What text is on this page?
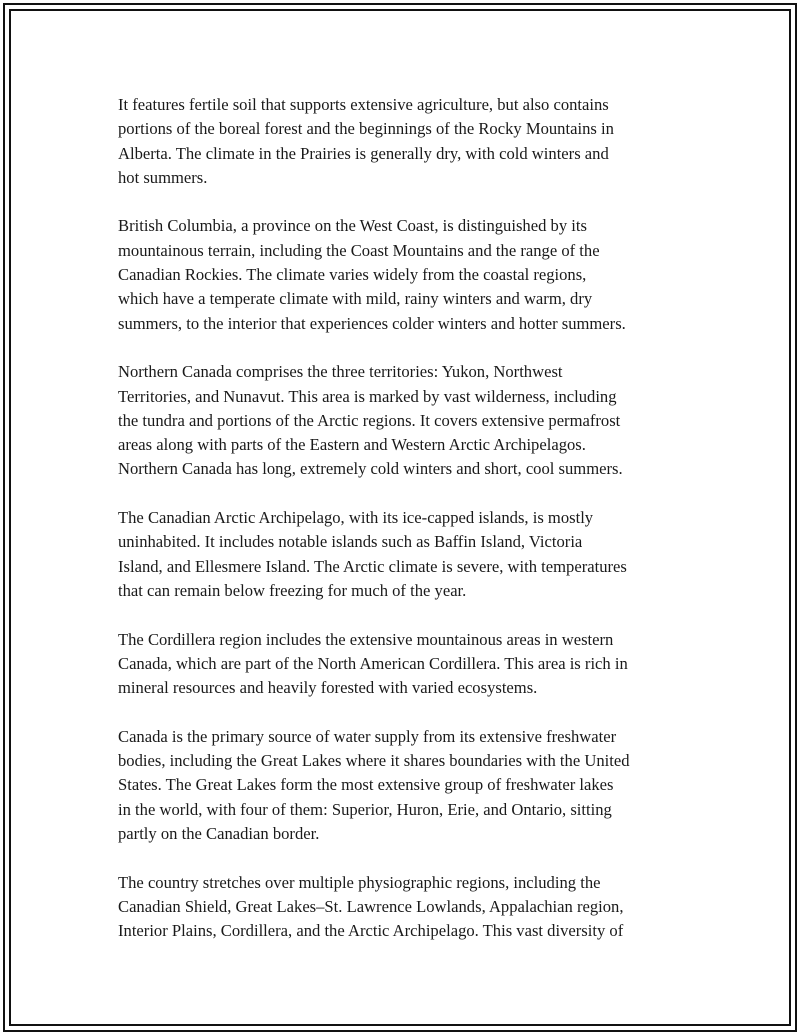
It features fertile soil that supports extensive agriculture, but also contains
portions of the boreal forest and the beginnings of the Rocky Mountains in
Alberta. The climate in the Prairies is generally dry, with cold winters and
hot summers.

British Columbia, a province on the West Coast, is distinguished by its
mountainous terrain, including the Coast Mountains and the range of the
Canadian Rockies. The climate varies widely from the coastal regions,
which have a temperate climate with mild, rainy winters and warm, dry
summers, to the interior that experiences colder winters and hotter summers.

Northern Canada comprises the three territories: Yukon, Northwest
Territories, and Nunavut. This area is marked by vast wilderness, including
the tundra and portions of the Arctic regions. It covers extensive permafrost
areas along with parts of the Eastern and Western Arctic Archipelagos.
Northern Canada has long, extremely cold winters and short, cool summers.

The Canadian Arctic Archipelago, with its ice-capped islands, is mostly
uninhabited. It includes notable islands such as Baffin Island, Victoria
Island, and Ellesmere Island. The Arctic climate is severe, with temperatures
that can remain below freezing for much of the year.

The Cordillera region includes the extensive mountainous areas in western
Canada, which are part of the North American Cordillera. This area is rich in
mineral resources and heavily forested with varied ecosystems.

Canada is the primary source of water supply from its extensive freshwater
bodies, including the Great Lakes where it shares boundaries with the United
States. The Great Lakes form the most extensive group of freshwater lakes
in the world, with four of them: Superior, Huron, Erie, and Ontario, sitting
partly on the Canadian border.

The country stretches over multiple physiographic regions, including the
Canadian Shield, Great Lakes–St. Lawrence Lowlands, Appalachian region,
Interior Plains, Cordillera, and the Arctic Archipelago. This vast diversity of
